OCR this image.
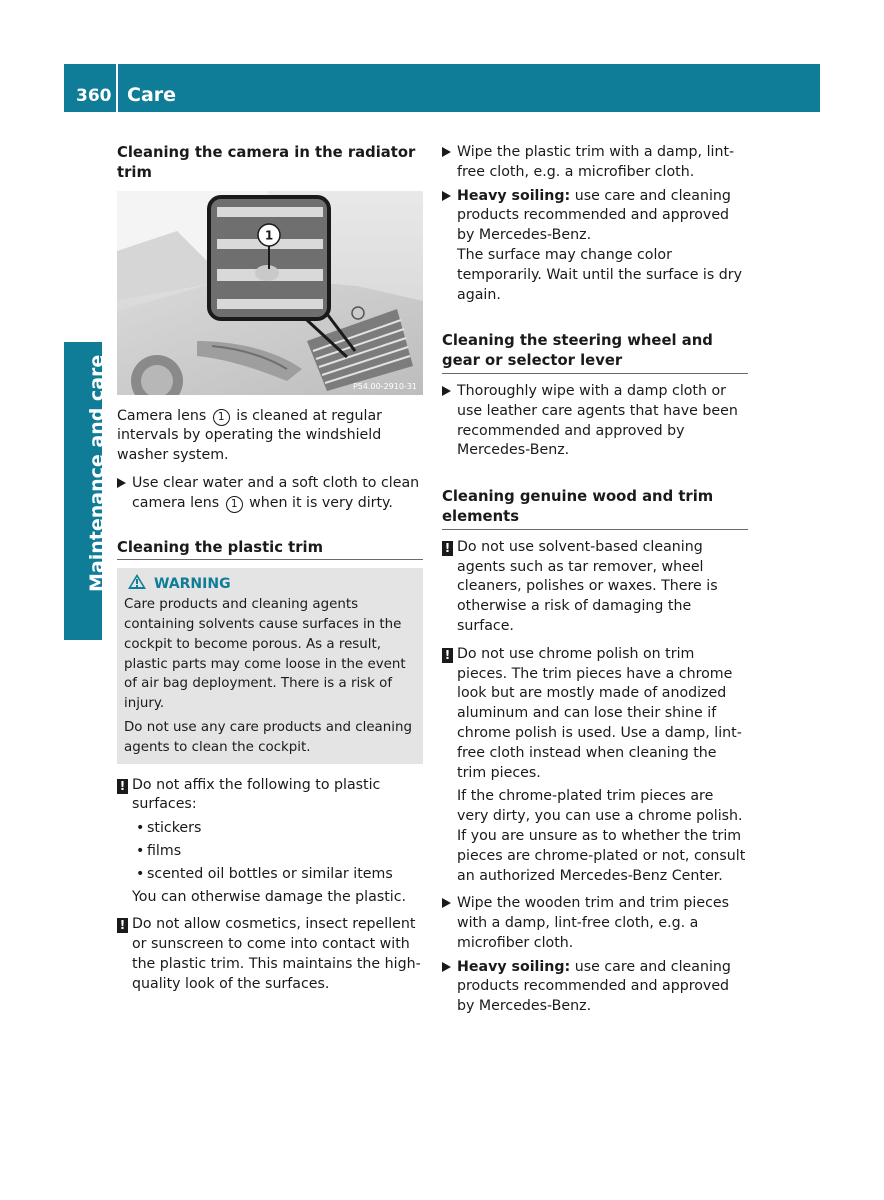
360 Care
Maintenance and care
Cleaning the camera in the radiator trim
1
P54.00-2910-31

Camera lens 1 is cleaned at regular intervals by operating the windshield washer system.

Use clear water and a soft cloth to clean camera lens 1 when it is very dirty.
Cleaning the plastic trim
WARNING

Care products and cleaning agents containing solvents cause surfaces in the cockpit to become porous. As a result, plastic parts may come loose in the event of air bag deployment. There is a risk of injury.

Do not use any care products and cleaning agents to clean the cockpit.

! Do not affix the following to plastic surfaces:

• stickers
• films
• scented oil bottles or similar items

You can otherwise damage the plastic.

! Do not allow cosmetics, insect repellent or sunscreen to come into contact with the plastic trim. This maintains the high-quality look of the surfaces.

Wipe the plastic trim with a damp, lint-free cloth, e.g. a microfiber cloth.

Heavy soiling: use care and cleaning products recommended and approved by Mercedes-Benz.

The surface may change color temporarily. Wait until the surface is dry again.

Cleaning the steering wheel and gear or selector lever

Thoroughly wipe with a damp cloth or use leather care agents that have been recommended and approved by Mercedes-Benz.

Cleaning genuine wood and trim elements
! Do not use solvent-based cleaning agents such as tar remover, wheel cleaners, polishes or waxes. There is otherwise a risk of damaging the surface.

! Do not use chrome polish on trim pieces. The trim pieces have a chrome look but are mostly made of anodized aluminum and can lose their shine if chrome polish is used. Use a damp, lint-free cloth instead when cleaning the trim pieces.

If the chrome-plated trim pieces are very dirty, you can use a chrome polish. If you are unsure as to whether the trim pieces are chrome-plated or not, consult an authorized Mercedes-Benz Center.

Wipe the wooden trim and trim pieces with a damp, lint-free cloth, e.g. a microfiber cloth.

Heavy soiling: use care and cleaning products recommended and approved by Mercedes-Benz.
